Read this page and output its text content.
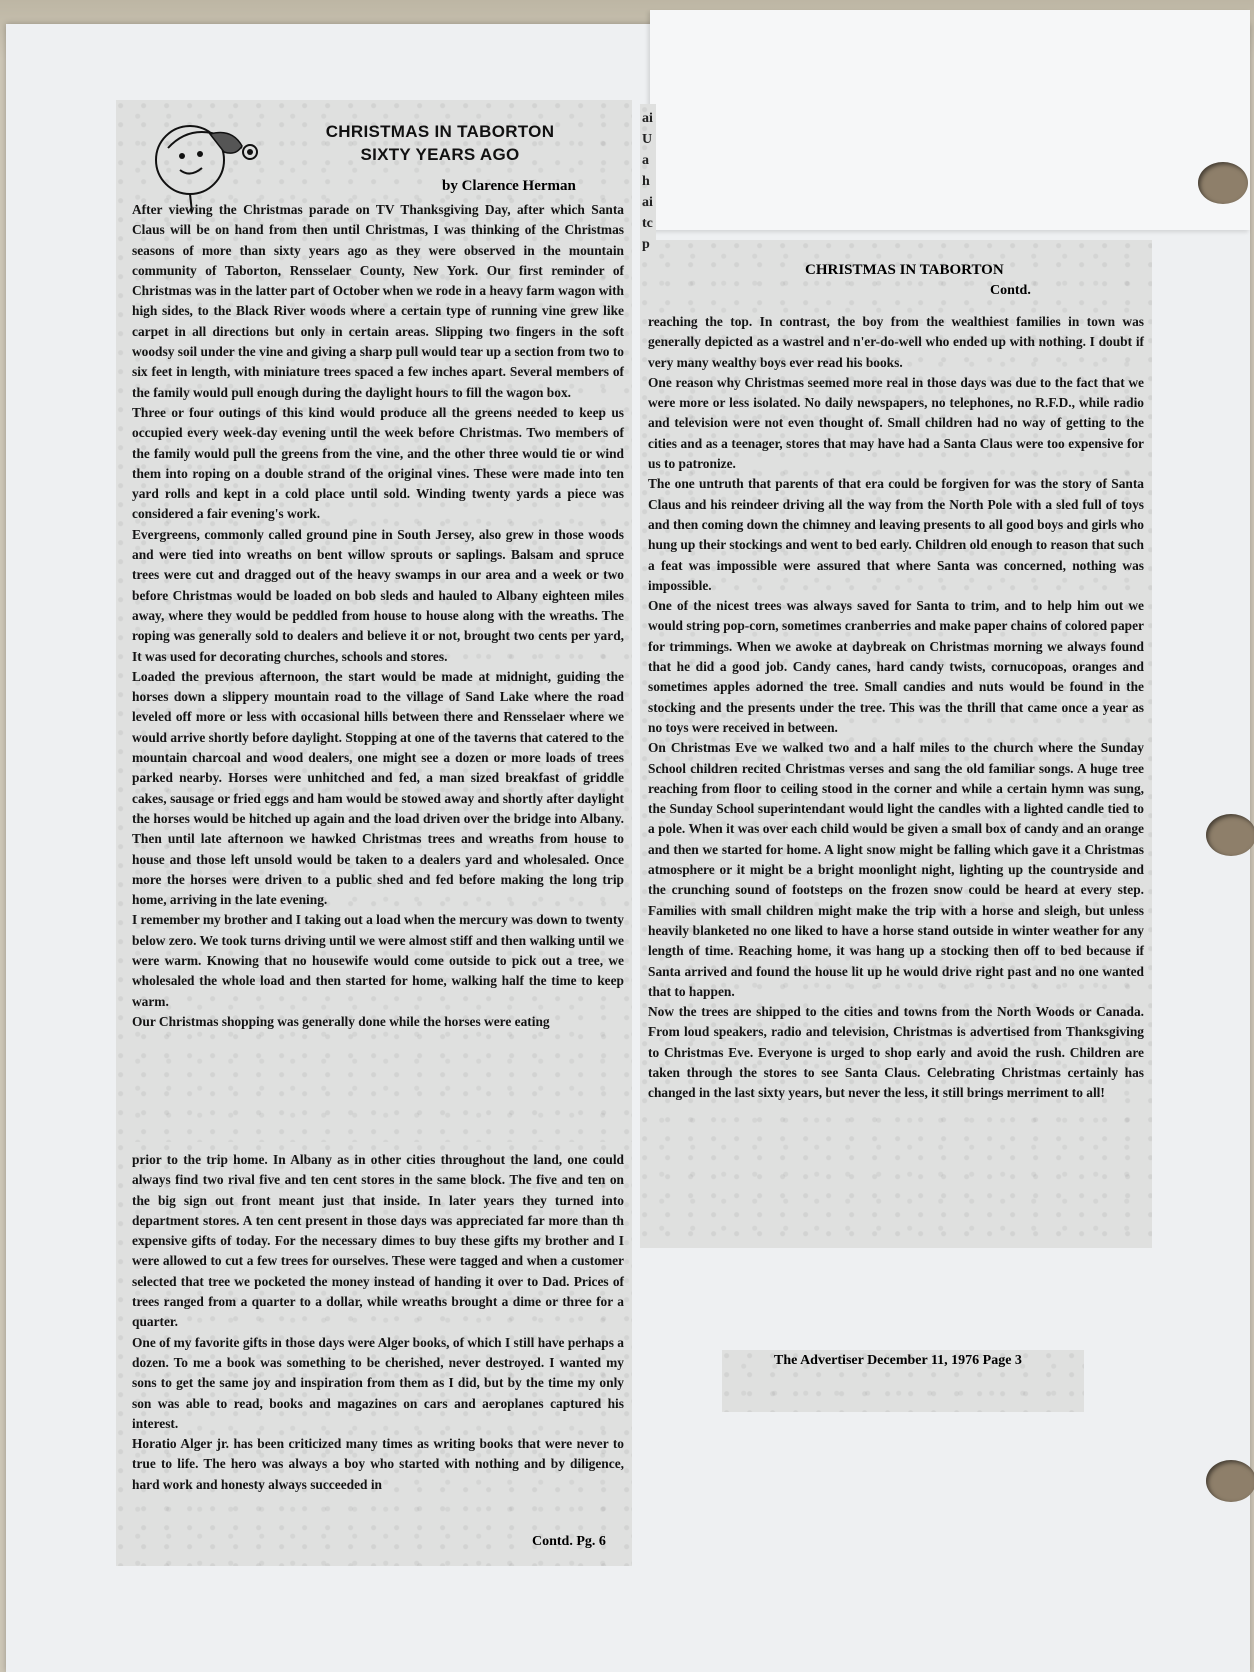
ai
U
a
h
ai
tc
p
CHRISTMAS IN TABORTON
SIXTY YEARS AGO
by Clarence Herman

After viewing the Christmas parade on TV Thanksgiving Day, after which Santa Claus will be on hand from then until Christmas, I was thinking of the Christmas seasons of more than sixty years ago as they were observed in the mountain community of Taborton, Rensselaer County, New York. Our first reminder of Christmas was in the latter part of October when we rode in a heavy farm wagon with high sides, to the Black River woods where a certain type of running vine grew like carpet in all directions but only in certain areas. Slipping two fingers in the soft woodsy soil under the vine and giving a sharp pull would tear up a section from two to six feet in length, with miniature trees spaced a few inches apart. Several members of the family would pull enough during the daylight hours to fill the wagon box.

Three or four outings of this kind would produce all the greens needed to keep us occupied every week-day evening until the week before Christmas. Two members of the family would pull the greens from the vine, and the other three would tie or wind them into roping on a double strand of the original vines. These were made into ten yard rolls and kept in a cold place until sold. Winding twenty yards a piece was considered a fair evening's work.

Evergreens, commonly called ground pine in South Jersey, also grew in those woods and were tied into wreaths on bent willow sprouts or saplings. Balsam and spruce trees were cut and dragged out of the heavy swamps in our area and a week or two before Christmas would be loaded on bob sleds and hauled to Albany eighteen miles away, where they would be peddled from house to house along with the wreaths. The roping was generally sold to dealers and believe it or not, brought two cents per yard, It was used for decorating churches, schools and stores.

Loaded the previous afternoon, the start would be made at midnight, guiding the horses down a slippery mountain road to the village of Sand Lake where the road leveled off more or less with occasional hills between there and Rensselaer where we would arrive shortly before daylight. Stopping at one of the taverns that catered to the mountain charcoal and wood dealers, one might see a dozen or more loads of trees parked nearby. Horses were unhitched and fed, a man sized breakfast of griddle cakes, sausage or fried eggs and ham would be stowed away and shortly after daylight the horses would be hitched up again and the load driven over the bridge into Albany. Then until late afternoon we hawked Christmas trees and wreaths from house to house and those left unsold would be taken to a dealers yard and wholesaled. Once more the horses were driven to a public shed and fed before making the long trip home, arriving in the late evening.

I remember my brother and I taking out a load when the mercury was down to twenty below zero. We took turns driving until we were almost stiff and then walking until we were warm. Knowing that no housewife would come outside to pick out a tree, we wholesaled the whole load and then started for home, walking half the time to keep warm.

Our Christmas shopping was generally done while the horses were eating

prior to the trip home. In Albany as in other cities throughout the land, one could always find two rival five and ten cent stores in the same block. The five and ten on the big sign out front meant just that inside. In later years they turned into department stores. A ten cent present in those days was appreciated far more than th expensive gifts of today. For the necessary dimes to buy these gifts my brother and I were allowed to cut a few trees for ourselves. These were tagged and when a customer selected that tree we pocketed the money instead of handing it over to Dad. Prices of trees ranged from a quarter to a dollar, while wreaths brought a dime or three for a quarter.

One of my favorite gifts in those days were Alger books, of which I still have perhaps a dozen. To me a book was something to be cherished, never destroyed. I wanted my sons to get the same joy and inspiration from them as I did, but by the time my only son was able to read, books and magazines on cars and aeroplanes captured his interest.

Horatio Alger jr. has been criticized many times as writing books that were never to true to life. The hero was always a boy who started with nothing and by diligence, hard work and honesty always succeeded in

Contd. Pg. 6
CHRISTMAS IN TABORTON
Contd.

reaching the top. In contrast, the boy from the wealthiest families in town was generally depicted as a wastrel and n'er-do-well who ended up with nothing. I doubt if very many wealthy boys ever read his books.

One reason why Christmas seemed more real in those days was due to the fact that we were more or less isolated. No daily newspapers, no telephones, no R.F.D., while radio and television were not even thought of. Small children had no way of getting to the cities and as a teenager, stores that may have had a Santa Claus were too expensive for us to patronize.

The one untruth that parents of that era could be forgiven for was the story of Santa Claus and his reindeer driving all the way from the North Pole with a sled full of toys and then coming down the chimney and leaving presents to all good boys and girls who hung up their stockings and went to bed early. Children old enough to reason that such a feat was impossible were assured that where Santa was concerned, nothing was impossible.

One of the nicest trees was always saved for Santa to trim, and to help him out we would string pop-corn, sometimes cranberries and make paper chains of colored paper for trimmings. When we awoke at daybreak on Christmas morning we always found that he did a good job. Candy canes, hard candy twists, cornucopoas, oranges and sometimes apples adorned the tree. Small candies and nuts would be found in the stocking and the presents under the tree. This was the thrill that came once a year as no toys were received in between.

On Christmas Eve we walked two and a half miles to the church where the Sunday School children recited Christmas verses and sang the old familiar songs. A huge tree reaching from floor to ceiling stood in the corner and while a certain hymn was sung, the Sunday School superintendant would light the candles with a lighted candle tied to a pole. When it was over each child would be given a small box of candy and an orange and then we started for home. A light snow might be falling which gave it a Christmas atmosphere or it might be a bright moonlight night, lighting up the countryside and the crunching sound of footsteps on the frozen snow could be heard at every step. Families with small children might make the trip with a horse and sleigh, but unless heavily blanketed no one liked to have a horse stand outside in winter weather for any length of time. Reaching home, it was hang up a stocking then off to bed because if Santa arrived and found the house lit up he would drive right past and no one wanted that to happen.

Now the trees are shipped to the cities and towns from the North Woods or Canada. From loud speakers, radio and television, Christmas is advertised from Thanksgiving to Christmas Eve. Everyone is urged to shop early and avoid the rush. Children are taken through the stores to see Santa Claus. Celebrating Christmas certainly has changed in the last sixty years, but never the less, it still brings merriment to all!

The Advertiser December 11, 1976 Page 3
